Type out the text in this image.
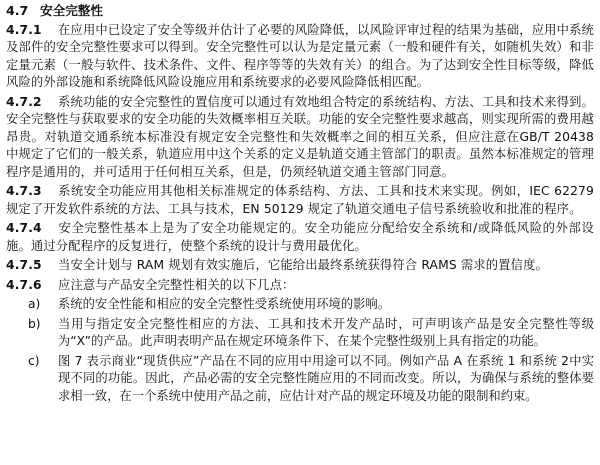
4.7 安全完整性

4.7.1 在应用中已设定了安全等级并估计了必要的风险降低，以风险评审过程的结果为基础，应用中系统及部件的安全完整性要求可以得到。安全完整性可以认为是定量元素（一般和硬件有关，如随机失效）和非定量元素（一般与软件、技术条件、文件、程序等等的失效有关）的组合。为了达到安全性目标等级，降低风险的外部设施和系统降低风险设施应用和系统要求的必要风险降低相匹配。

4.7.2 系统功能的安全完整性的置信度可以通过有效地组合特定的系统结构、方法、工具和技术来得到。安全完整性与获取要求的安全功能的失效概率相互关联。功能的安全完整性要求越高，则实现所需的费用越昂贵。对轨道交通系统本标准没有规定安全完整性和失效概率之间的相互关系，但应注意在GB/T 20438 中规定了它们的一般关系，轨道应用中这个关系的定义是轨道交通主管部门的职责。虽然本标准规定的管理程序是通用的，并可适用于任何相互关系，但是，仍须经轨道交通主管部门同意。

4.7.3 系统安全功能应用其他相关标准规定的体系结构、方法、工具和技术来实现。例如，IEC 62279规定了开发软件系统的方法、工具与技术，EN 50129 规定了轨道交通电子信号系统验收和批准的程序。

4.7.4 安全完整性基本上是为了安全功能规定的。安全功能应分配给安全系统和/或降低风险的外部设施。通过分配程序的反复进行，使整个系统的设计与费用最优化。

4.7.5 当安全计划与 RAM 规划有效实施后，它能给出最终系统获得符合 RAMS 需求的置信度。

4.7.6 应注意与产品安全完整性相关的以下几点：

a)	系统的安全性能和相应的安全完整性受系统使用环境的影响。
b)	当用与指定安全完整性相应的方法、工具和技术开发产品时，可声明该产品是安全完整性等级为“X”的产品。此声明表明产品在规定环境条件下、在某个完整性级别上具有指定的功能。
c)	图 7 表示商业“现货供应”产品在不同的应用中用途可以不同。例如产品 A 在系统 1 和系统 2中实现不同的功能。因此，产品必需的安全完整性随应用的不同而改变。所以，为确保与系统的整体要求相一致，在一个系统中使用产品之前，应估计对产品的规定环境及功能的限制和约束。
